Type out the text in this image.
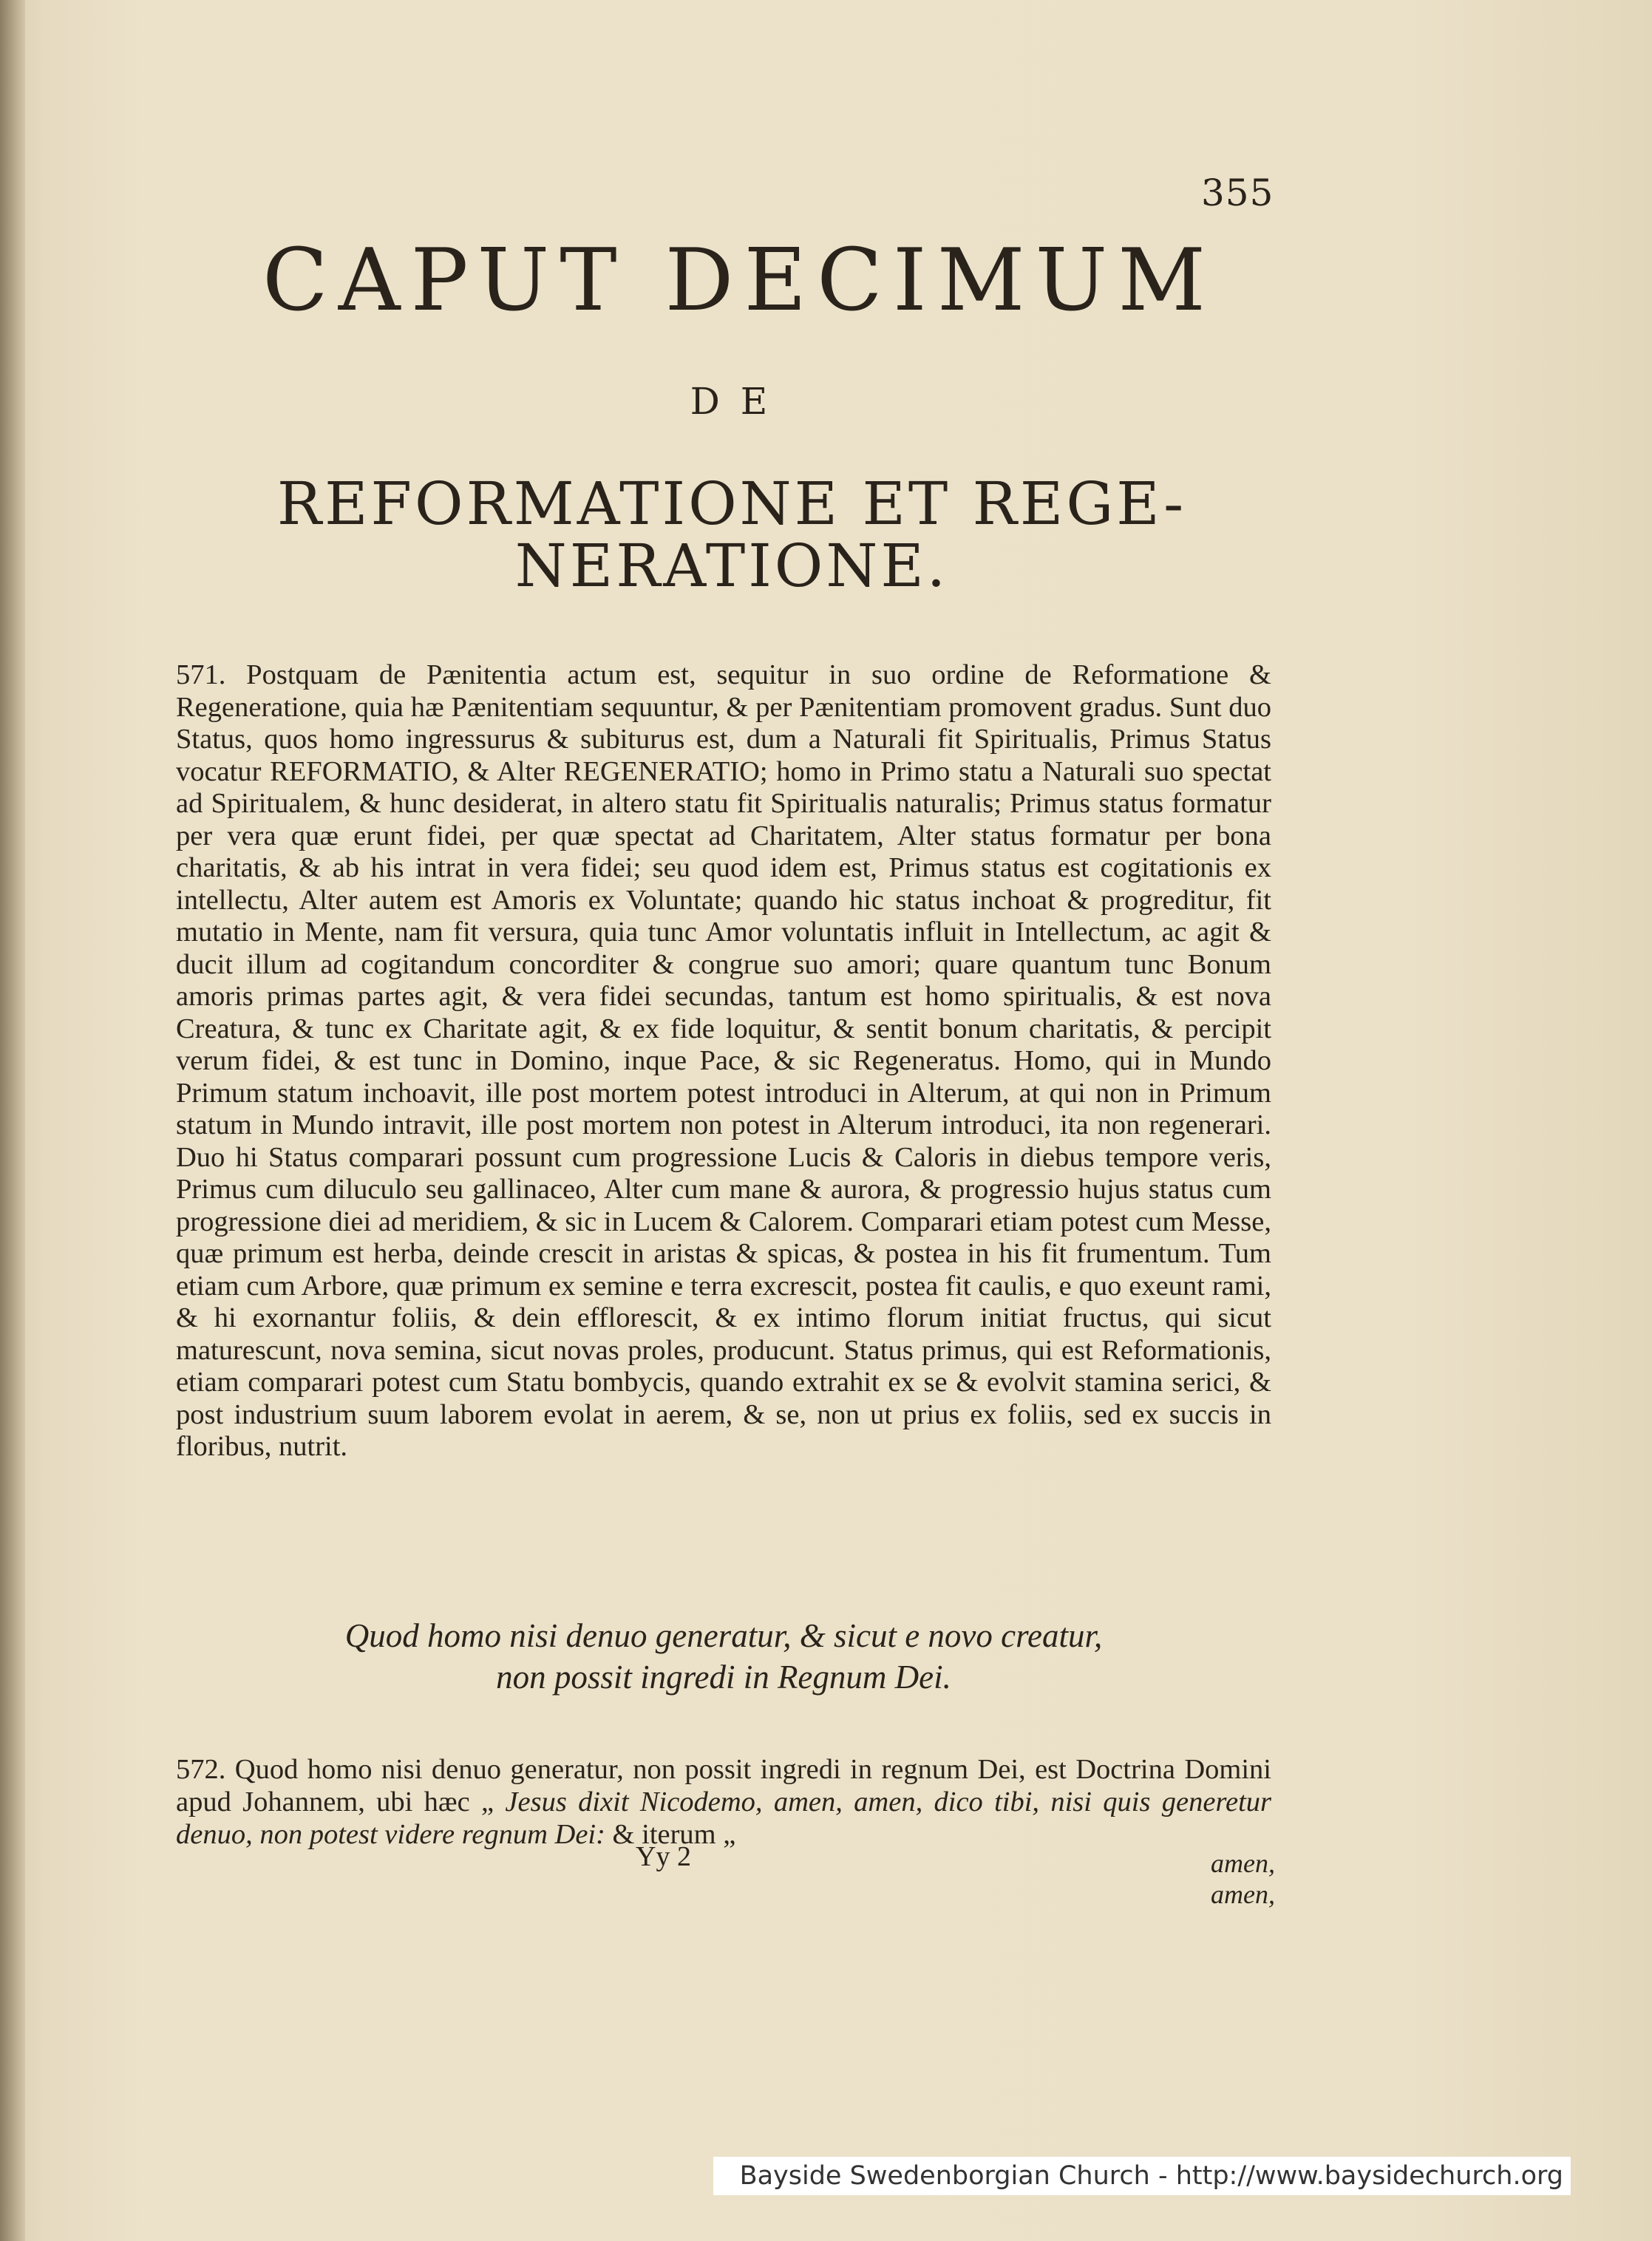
355
CAPUT DECIMUM
DE
REFORMATIONE ET REGE-
NERATIONE.

571. Postquam de Pænitentia actum est, sequitur in suo ordine de Reformatione & Regeneratione, quia hæ Pænitentiam sequuntur, & per Pænitentiam promovent gradus. Sunt duo Status, quos homo ingressurus & subiturus est, dum a Naturali fit Spiritualis, Primus Status vocatur REFORMATIO, & Alter REGENERATIO; homo in Primo statu a Naturali suo spectat ad Spiritualem, & hunc desiderat, in altero statu fit Spiritualis naturalis; Primus status formatur per vera quæ erunt fidei, per quæ spectat ad Charitatem, Alter status formatur per bona charitatis, & ab his intrat in vera fidei; seu quod idem est, Primus status est cogitationis ex intellectu, Alter autem est Amoris ex Voluntate; quando hic status inchoat & progreditur, fit mutatio in Mente, nam fit versura, quia tunc Amor voluntatis influit in Intellectum, ac agit & ducit illum ad cogitandum concorditer & congrue suo amori; quare quantum tunc Bonum amoris primas partes agit, & vera fidei secundas, tantum est homo spiritualis, & est nova Creatura, & tunc ex Charitate agit, & ex fide loquitur, & sentit bonum charitatis, & percipit verum fidei, & est tunc in Domino, inque Pace, & sic Regeneratus. Homo, qui in Mundo Primum statum inchoavit, ille post mortem potest introduci in Alterum, at qui non in Primum statum in Mundo intravit, ille post mortem non potest in Alterum introduci, ita non regenerari. Duo hi Status comparari possunt cum progressione Lucis & Caloris in diebus tempore veris, Primus cum diluculo seu gallinaceo, Alter cum mane & aurora, & progressio hujus status cum progressione diei ad meridiem, & sic in Lucem & Calorem. Comparari etiam potest cum Messe, quæ primum est herba, deinde crescit in aristas & spicas, & postea in his fit frumentum. Tum etiam cum Arbore, quæ primum ex semine e terra excrescit, postea fit caulis, e quo exeunt rami, & hi exornantur foliis, & dein efflorescit, & ex intimo florum initiat fructus, qui sicut maturescunt, nova semina, sicut novas proles, producunt. Status primus, qui est Reformationis, etiam comparari potest cum Statu bombycis, quando extrahit ex se & evolvit stamina serici, & post industrium suum laborem evolat in aerem, & se, non ut prius ex foliis, sed ex succis in floribus, nutrit.

Quod homo nisi denuo generatur, & sicut e novo creatur,
non possit ingredi in Regnum Dei.

572. Quod homo nisi denuo generatur, non possit ingredi in regnum Dei, est Doctrina Domini apud Johannem, ubi hæc „ Jesus dixit Nicodemo, amen, amen, dico tibi, nisi quis generetur denuo, non potest videre regnum Dei: & iterum „

Yy 2	amen, amen,
Bayside Swedenborgian Church - http://www.baysidechurch.org
